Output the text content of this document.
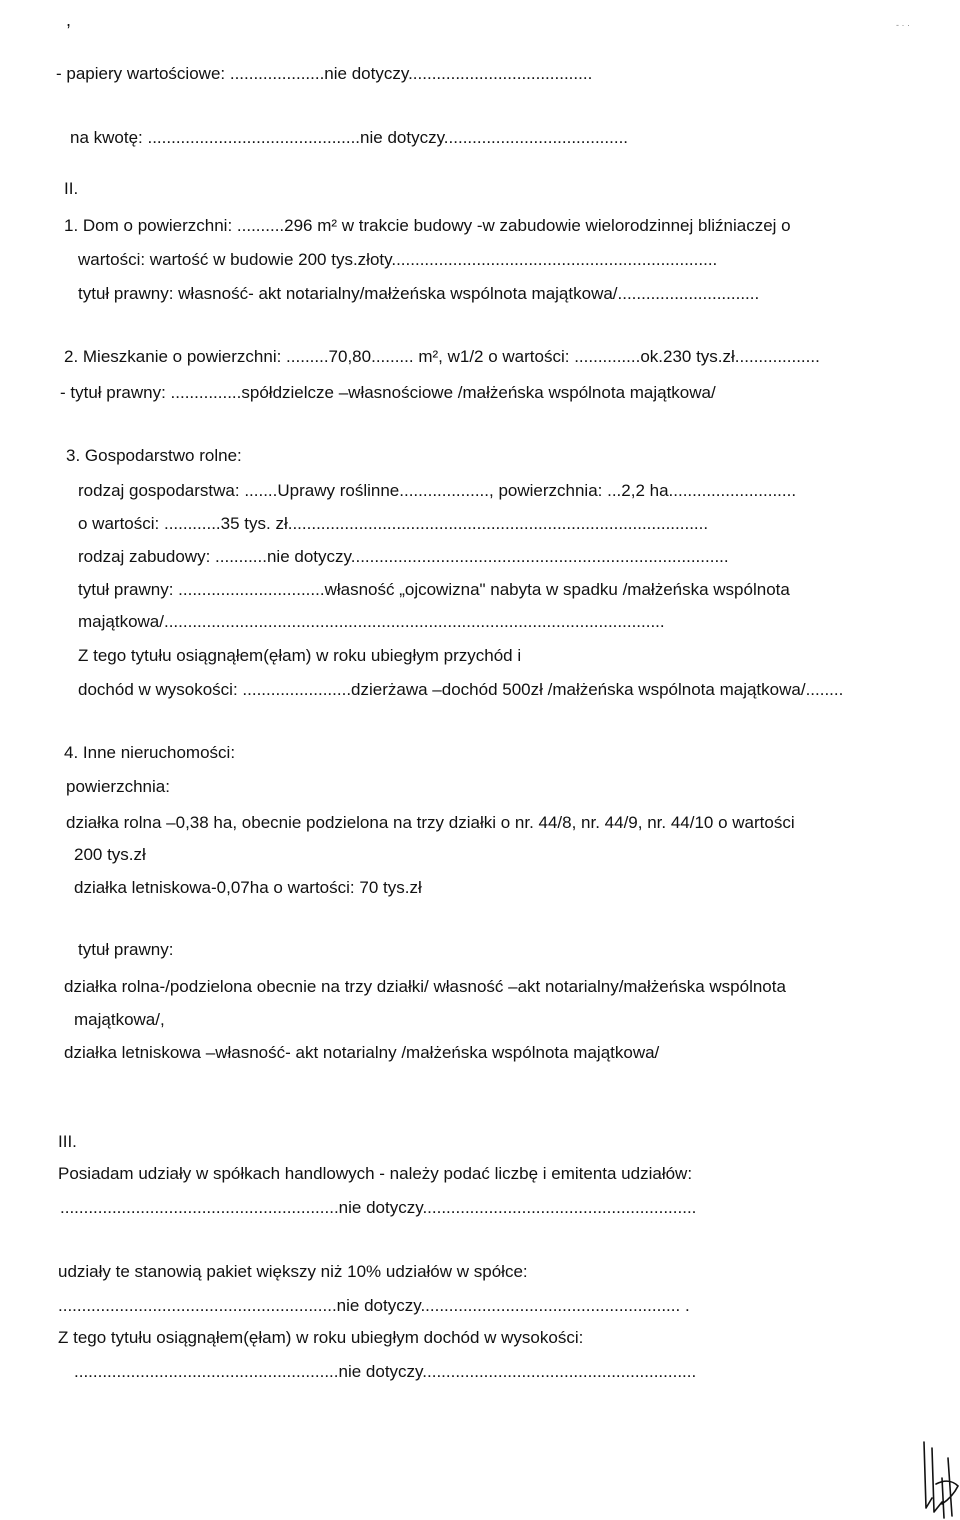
,	- · ·
- papiery wartościowe: ....................nie dotyczy.......................................
na kwotę: .............................................nie dotyczy.......................................
II.
1. Dom o powierzchni: ..........296 m² w trakcie budowy -w zabudowie wielorodzinnej bliźniaczej o
wartości: wartość w budowie 200 tys.złoty.....................................................................
tytuł prawny: własność- akt notarialny/małżeńska wspólnota majątkowa/..............................
2. Mieszkanie o powierzchni: .........70,80......... m², w1/2 o wartości: ..............ok.230 tys.zł..................
- tytuł prawny: ...............spółdzielcze –własnościowe /małżeńska wspólnota majątkowa/
3. Gospodarstwo rolne:
rodzaj gospodarstwa: .......Uprawy roślinne..................., powierzchnia: ...2,2 ha...........................
o wartości: ............35 tys. zł.........................................................................................
rodzaj zabudowy: ...........nie dotyczy................................................................................
tytuł prawny: ...............................własność „ojcowizna" nabyta w spadku /małżeńska wspólnota
majątkowa/..........................................................................................................
Z tego tytułu osiągnąłem(ęłam) w roku ubiegłym przychód i
dochód w wysokości: .......................dzierżawa –dochód 500zł /małżeńska wspólnota majątkowa/........
4. Inne nieruchomości:
powierzchnia:
działka rolna –0,38 ha, obecnie podzielona na trzy działki o nr. 44/8, nr. 44/9, nr. 44/10 o wartości
200 tys.zł
działka letniskowa-0,07ha o wartości: 70 tys.zł
tytuł prawny:
działka rolna-/podzielona obecnie na trzy działki/ własność –akt notarialny/małżeńska wspólnota
majątkowa/,
działka letniskowa –własność- akt notarialny /małżeńska wspólnota majątkowa/
III.
Posiadam udziały w spółkach handlowych - należy podać liczbę i emitenta udziałów:
...........................................................nie dotyczy..........................................................
udziały te stanowią pakiet większy niż 10% udziałów w spółce:
...........................................................nie dotyczy....................................................... .
Z tego tytułu osiągnąłem(ęłam) w roku ubiegłym dochód w wysokości:
........................................................nie dotyczy..........................................................
